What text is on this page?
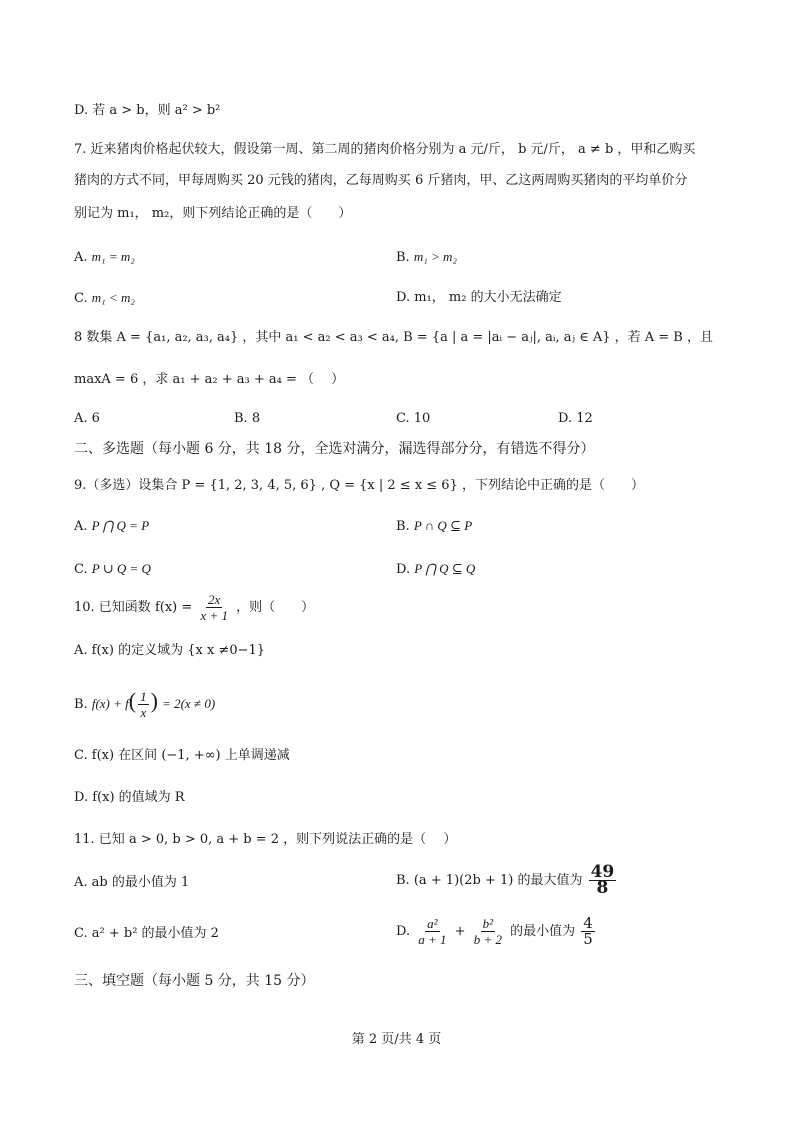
D. 若 a > b，则 a² > b²
7. 近来猪肉价格起伏较大，假设第一周、第二周的猪肉价格分别为 a 元/斤， b 元/斤， a ≠ b ，甲和乙购买
猪肉的方式不同，甲每周购买 20 元钱的猪肉，乙每周购买 6 斤猪肉，甲、乙这两周购买猪肉的平均单价分
别记为 m₁， m₂，则下列结论正确的是（　　）
A. m₁ = m₂	B. m₁ > m₂
C. m₁ < m₂	D. m₁， m₂ 的大小无法确定
8 数集 A = {a₁, a₂, a₃, a₄} ，其中 a₁ < a₂ < a₃ < a₄, B = {a | a = |aᵢ − aⱼ|, aᵢ, aⱼ ∈ A} ，若 A = B ，且
maxA = 6 ，求 a₁ + a₂ + a₃ + a₄ = （　 ）
A. 6	B. 8	C. 10	D. 12
二、多选题（每小题 6 分，共 18 分，全选对满分，漏选得部分分，有错选不得分）
9.（多选）设集合 P = {1, 2, 3, 4, 5, 6} , Q = {x | 2 ≤ x ≤ 6} ，下列结论中正确的是（　　）
A. P ⋂ Q = P	B. P ∩ Q ⊆ P
C. P ∪ Q = Q	D. P ⋂ Q ⊆ Q
10. 已知函数 $f(x) = \frac{2x}{x + 1}$ ，则（　　）
A. f(x) 的定义域为 {x x ≠0−1}
B. $f(x) + f( \frac{1}{x}$ ) = 2(x ≠ 0)
C. f(x) 在区间 (−1, +∞) 上单调递减
D. f(x) 的值域为 R
11. 已知 a > 0, b > 0, a + b = 2 ，则下列说法正确的是（　 ）
A. ab 的最小值为 1	B. (a + 1)(2b + 1) 的最大值为 $\frac{49}{8}$
C. a² + b² 的最小值为 2	D. $\frac{\text{a²}}{a + 1} + \frac{\text{b²}}{b + 2}$ 的最小值为 $\frac{4}{5}$
三、填空题（每小题 5 分，共 15 分）
第 2 页/共 4 页
